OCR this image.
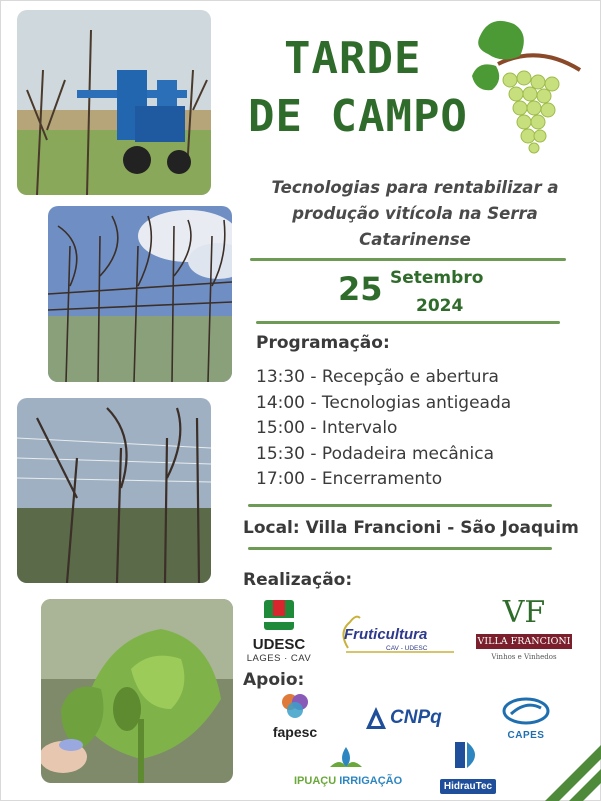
TARDE
DE CAMPO
Tecnologias para rentabilizar a
produção vitícola na Serra
Catarinense
25 Setembro
2024
Programação:
13:30 - Recepção e abertura
14:00 - Tecnologias antigeada
15:00 - Intervalo
15:30 - Podadeira mecânica
17:00 - Encerramento
Local: Villa Francioni - São Joaquim
Realização:
UDESC
LAGES · CAV
Fruticultura
CAV - UDESC
VF
VILLA FRANCIONI
Vinhos e Vinhedos
Apoio:
fapesc
CNPq
CAPES
IPUAÇU IRRIGAÇÃO	HidrauTec
